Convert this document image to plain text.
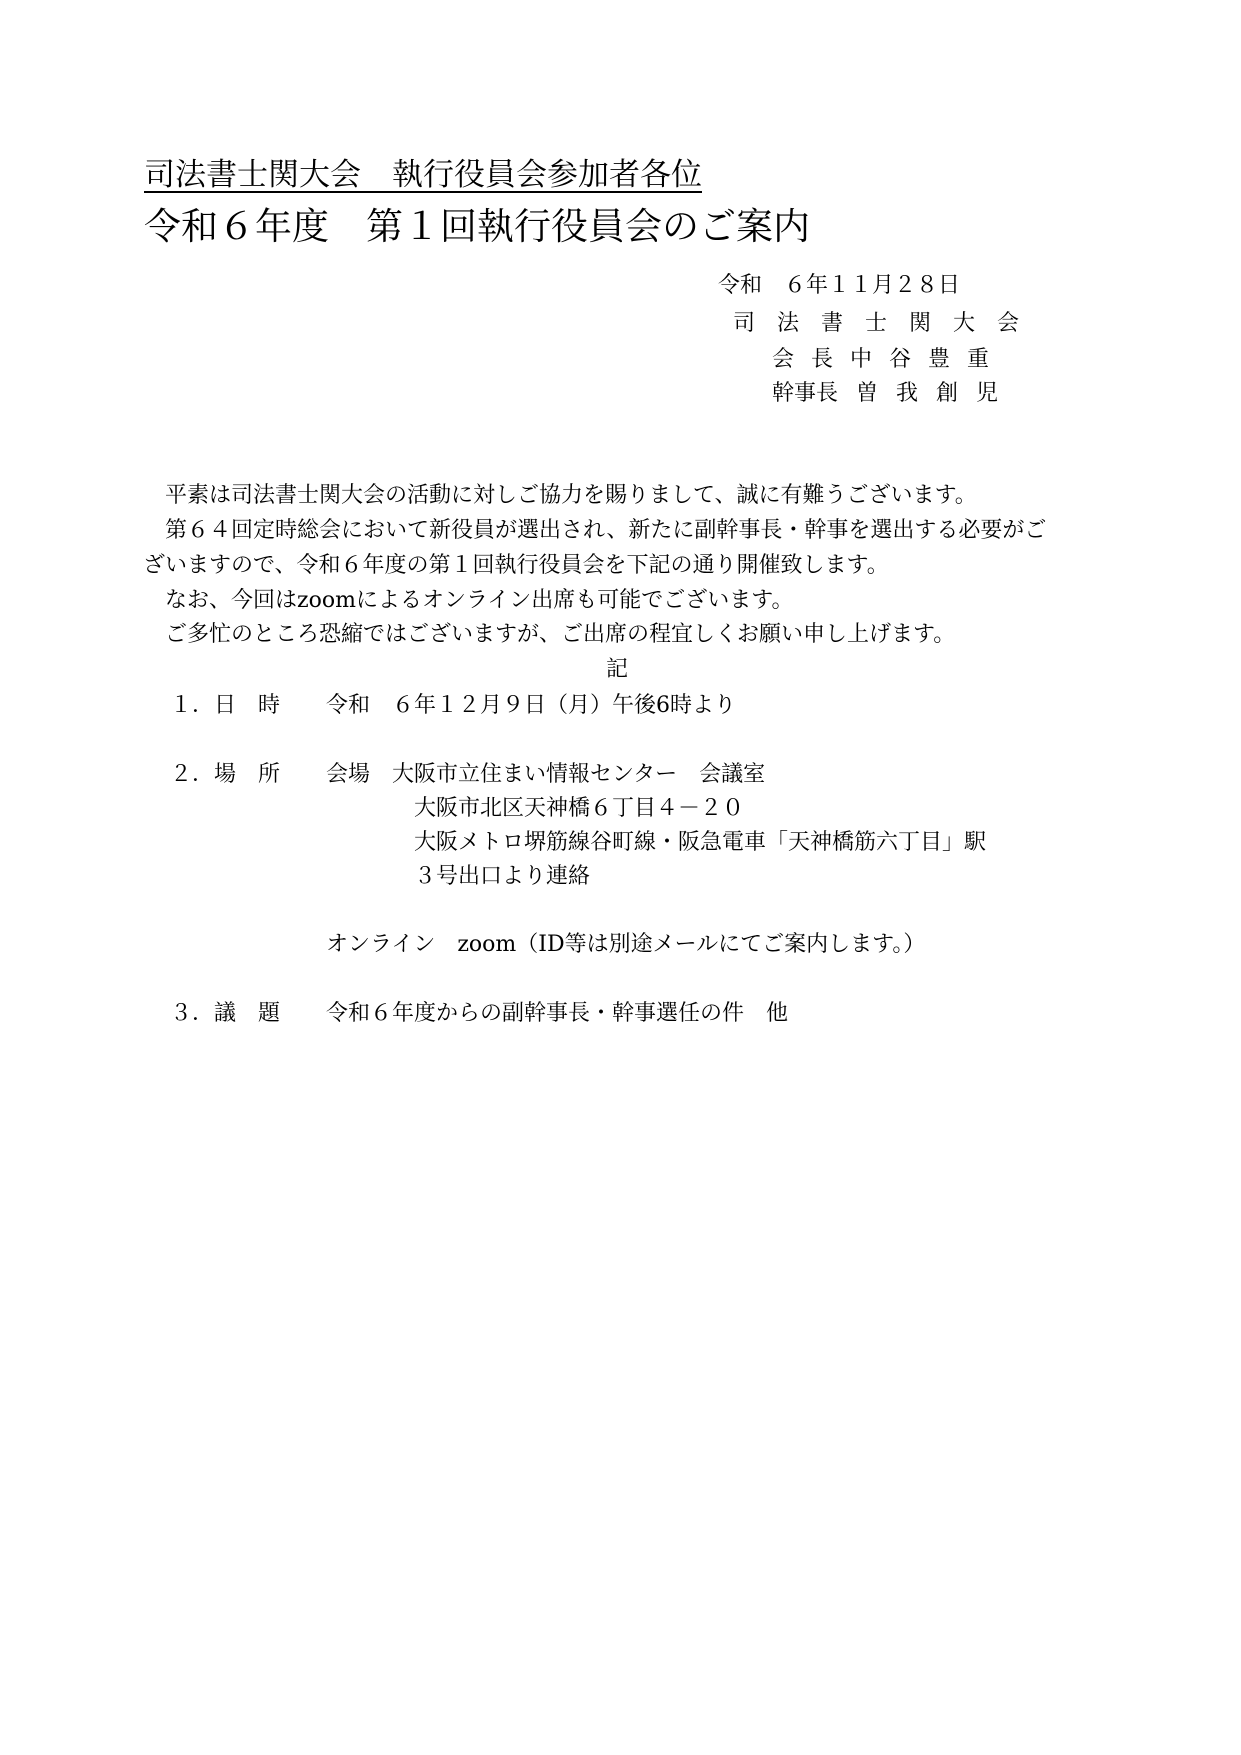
司法書士関大会　執行役員会参加者各位
令和６年度　第１回執行役員会のご案内
令和　６年１１月２８日
司法書士関大会
会長中谷豊重
幹事長 曽我創児
平素は司法書士関大会の活動に対しご協力を賜りまして、誠に有難うございます。
第６４回定時総会において新役員が選出され、新たに副幹事長・幹事を選出する必要がご
ざいますので、令和６年度の第１回執行役員会を下記の通り開催致します。
なお、今回はzoomによるオンライン出席も可能でございます。
ご多忙のところ恐縮ではございますが、ご出席の程宜しくお願い申し上げます。
記
１．日　時 令和　６年１２月９日（月）午後6時より
２．場　所 会場　大阪市立住まい情報センター　会議室
大阪市北区天神橋６丁目４－２０
大阪メトロ堺筋線谷町線・阪急電車「天神橋筋六丁目」駅
３号出口より連絡
オンライン　zoom（ID等は別途メールにてご案内します。）
３．議　題 令和６年度からの副幹事長・幹事選任の件　他
